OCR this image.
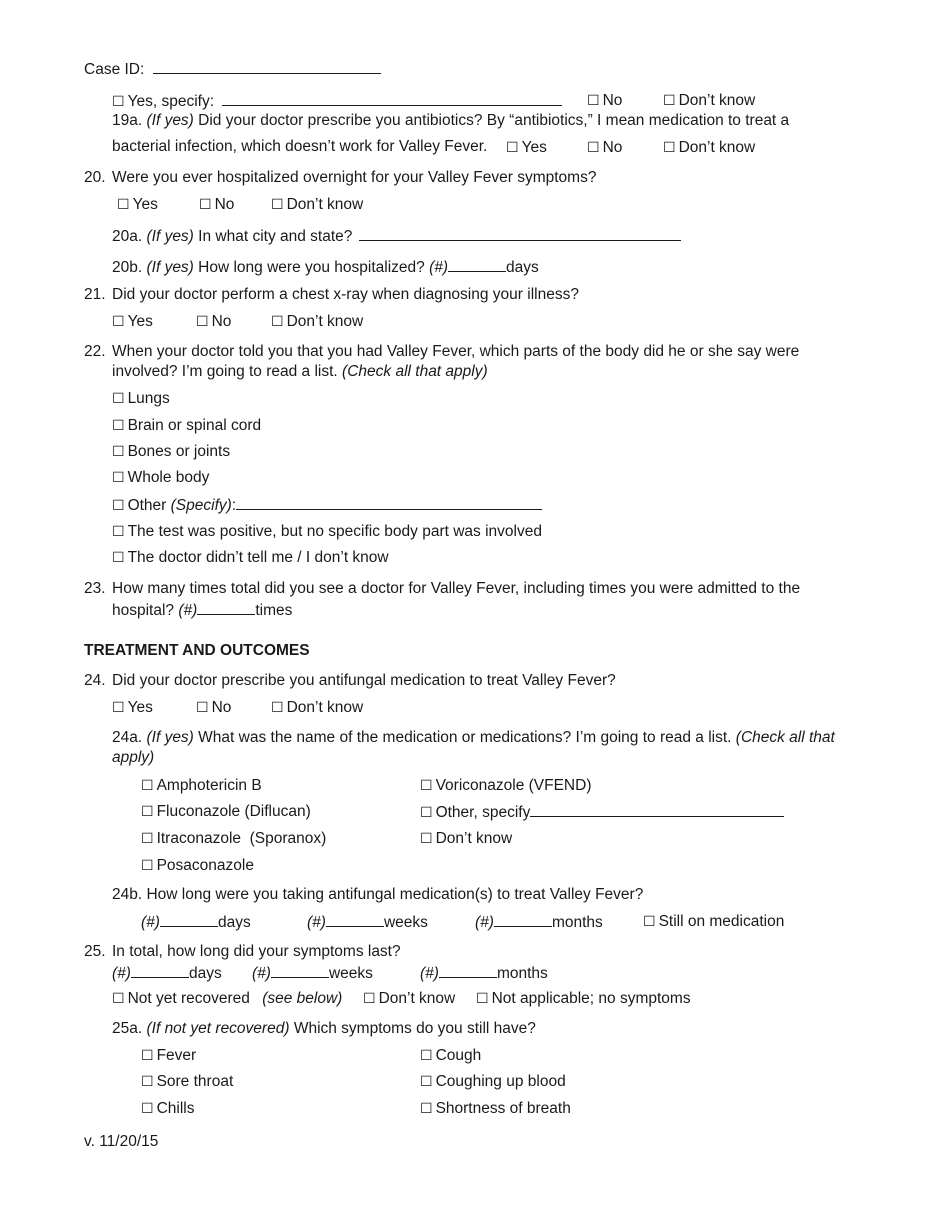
Case ID:
☐ Yes, specify:	☐ No	☐ Don’t know
19a. (If yes) Did your doctor prescribe you antibiotics? By “antibiotics,” I mean medication to treat a
bacterial infection, which doesn’t work for Valley Fever. ☐ Yes	☐ No	☐ Don’t know
20. Were you ever hospitalized overnight for your Valley Fever symptoms?
☐ Yes	☐ No	☐ Don’t know
20a. (If yes) In what city and state?
20b. (If yes) How long were you hospitalized? (#)	days
21. Did your doctor perform a chest x-ray when diagnosing your illness?
☐ Yes	☐ No	☐ Don’t know
22. When your doctor told you that you had Valley Fever, which parts of the body did he or she say were
involved? I’m going to read a list. (Check all that apply)
☐ Lungs
☐ Brain or spinal cord
☐ Bones or joints
☐ Whole body
☐ Other (Specify):
☐ The test was positive, but no specific body part was involved
☐ The doctor didn’t tell me / I don’t know
23. How many times total did you see a doctor for Valley Fever, including times you were admitted to the
hospital? (#)	times
TREATMENT AND OUTCOMES
24. Did your doctor prescribe you antifungal medication to treat Valley Fever?
☐ Yes	☐ No	☐ Don’t know
24a. (If yes) What was the name of the medication or medications? I’m going to read a list. (Check all that
apply)
☐ Amphotericin B
☐ Fluconazole (Diflucan)
☐ Itraconazole  (Sporanox)
☐ Posaconazole
☐ Voriconazole (VFEND)
☐ Other, specify
☐ Don’t know
24b. How long were you taking antifungal medication(s) to treat Valley Fever?
(#)	days	(#)	weeks	(#)	months	☐ Still on medication
25. In total, how long did your symptoms last?
(#)	days (#)	weeks	(#)	months
☐ Not yet recovered (see below) ☐ Don’t know ☐ Not applicable; no symptoms
25a. (If not yet recovered) Which symptoms do you still have?
☐ Fever
☐ Sore throat
☐ Chills
☐ Cough
☐ Coughing up blood
☐ Shortness of breath
v. 11/20/15
